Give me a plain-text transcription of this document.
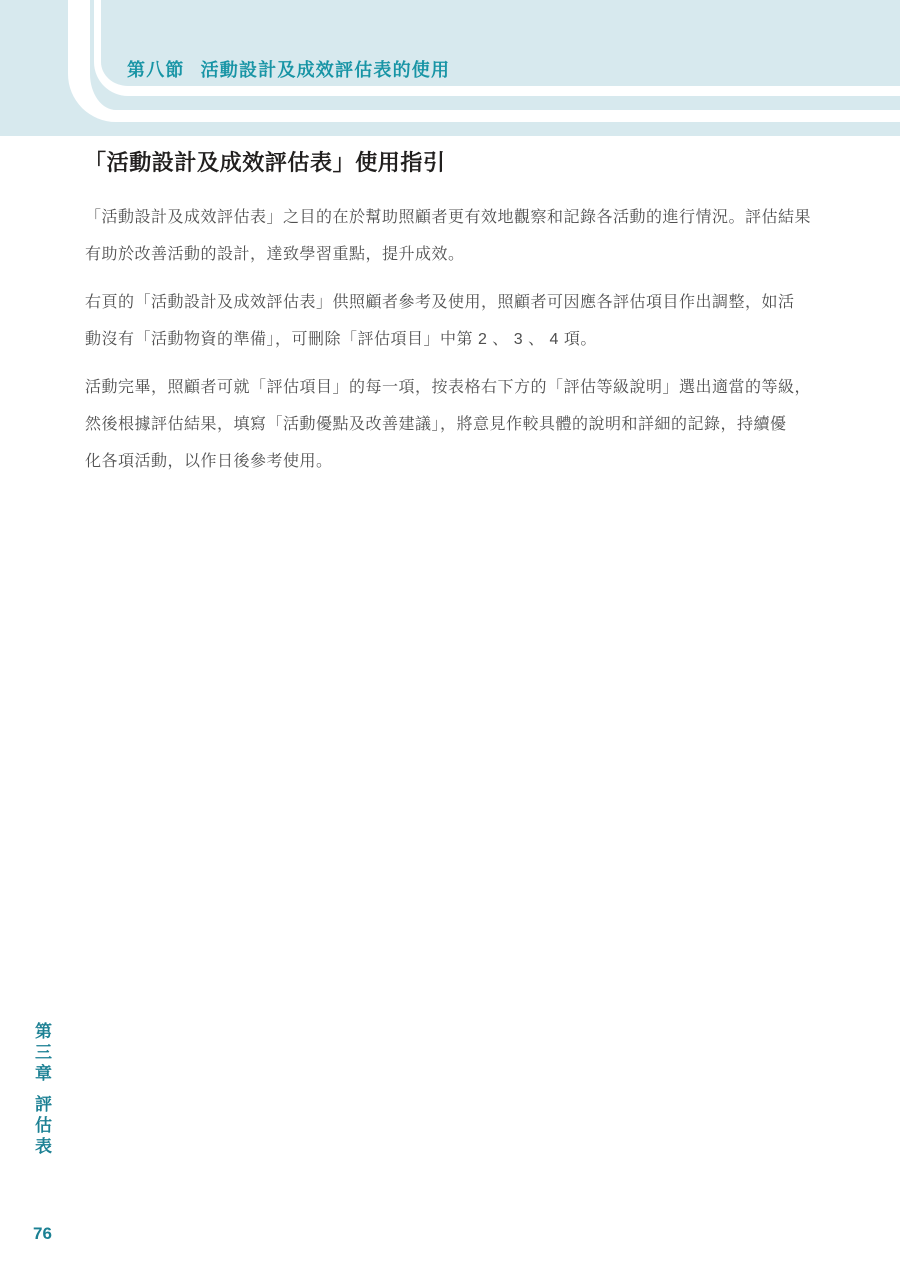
第八節 活動設計及成效評估表的使用
「活動設計及成效評估表」使用指引
「活動設計及成效評估表」之目的在於幫助照顧者更有效地觀察和記錄各活動的進行情況。評估結果
有助於改善活動的設計，達致學習重點，提升成效。
右頁的「活動設計及成效評估表」供照顧者參考及使用，照顧者可因應各評估項目作出調整，如活
動沒有「活動物資的準備」，可刪除「評估項目」中第 2 、 3 、 4 項。
活動完畢，照顧者可就「評估項目」的每一項，按表格右下方的「評估等級說明」選出適當的等級，
然後根據評估結果，填寫「活動優點及改善建議」，將意見作較具體的說明和詳細的記錄，持續優
化各項活動，以作日後參考使用。
第三章
評估表
76
